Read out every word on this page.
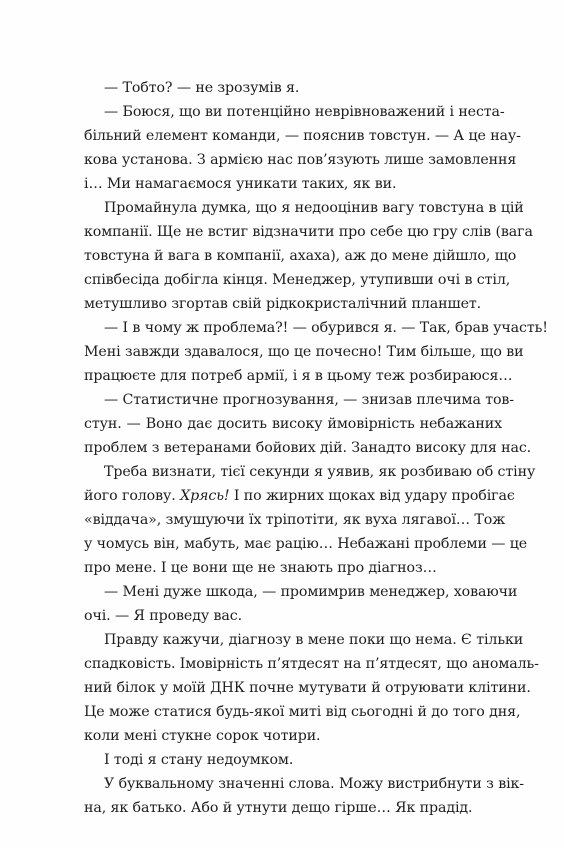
— Тобто? — не зрозумів я.

— Боюся, що ви потенційно неврівноважений і неста-
більний елемент команди, — пояснив товстун. — А це нау-
кова установа. З армією нас пов’язують лише замовлення
і… Ми намагаємося уникати таких, як ви.

Промайнула думка, що я недооцінив вагу товстуна в цій
компанії. Ще не встиг відзначити про себе цю гру слів (вага
товстуна й вага в компанії, ахаха), аж до мене дійшло, що
співбесіда добігла кінця. Менеджер, утупивши очі в стіл,
метушливо згортав свій рідкокристалічний планшет.

— І в чому ж проблема?! — обурився я. — Так, брав участь!
Мені завжди здавалося, що це почесно! Тим більше, що ви
працюєте для потреб армії, і я в цьому теж розбираюся…

— Статистичне прогнозування, — знизав плечима тов-
стун. — Воно дає досить високу ймовірність небажаних
проблем з ветеранами бойових дій. Занадто високу для нас.

Треба визнати, тієї секунди я уявив, як розбиваю об стіну
його голову. Хрясь! І по жирних щоках від удару пробігає
«віддача», змушуючи їх тріпотіти, як вуха лягавої… Тож
у чомусь він, мабуть, має рацію… Небажані проблеми — це
про мене. І це вони ще не знають про діагноз…

— Мені дуже шкода, — промимрив менеджер, ховаючи
очі. — Я проведу вас.

Правду кажучи, діагнозу в мене поки що нема. Є тільки
спадковість. Імовірність п’ятдесят на п’ятдесят, що аномаль-
ний білок у моїй ДНК почне мутувати й отруювати клітини.
Це може статися будь-якої миті від сьогодні й до того дня,
коли мені стукне сорок чотири.

І тоді я стану недоумком.

У буквальному значенні слова. Можу вистрибнути з вік-
на, як батько. Або й утнути дещо гірше… Як прадід.
